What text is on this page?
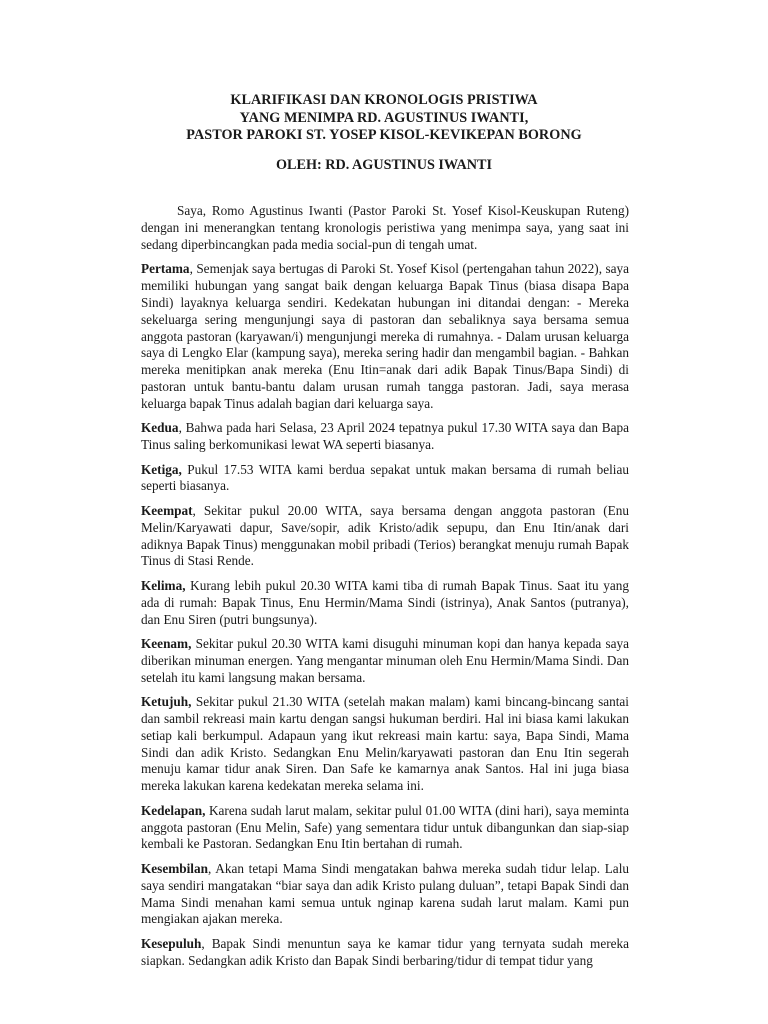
KLARIFIKASI DAN KRONOLOGIS PRISTIWA

YANG MENIMPA RD. AGUSTINUS IWANTI,

PASTOR PAROKI ST. YOSEP KISOL-KEVIKEPAN BORONG

OLEH: RD. AGUSTINUS IWANTI

Saya, Romo Agustinus Iwanti (Pastor Paroki St. Yosef Kisol-Keuskupan Ruteng) dengan ini menerangkan tentang kronologis peristiwa yang menimpa saya, yang saat ini sedang diperbincangkan pada media social-pun di tengah umat.

Pertama, Semenjak saya bertugas di Paroki St. Yosef Kisol (pertengahan tahun 2022), saya memiliki hubungan yang sangat baik dengan keluarga Bapak Tinus (biasa disapa Bapa Sindi) layaknya keluarga sendiri. Kedekatan hubungan ini ditandai dengan: - Mereka sekeluarga sering mengunjungi saya di pastoran dan sebaliknya saya bersama semua anggota pastoran (karyawan/i) mengunjungi mereka di rumahnya. - Dalam urusan keluarga saya di Lengko Elar (kampung saya), mereka sering hadir dan mengambil bagian. - Bahkan mereka menitipkan anak mereka (Enu Itin=anak dari adik Bapak Tinus/Bapa Sindi) di pastoran untuk bantu-bantu dalam urusan rumah tangga pastoran. Jadi, saya merasa keluarga bapak Tinus adalah bagian dari keluarga saya.

Kedua, Bahwa pada hari Selasa, 23 April 2024 tepatnya pukul 17.30 WITA saya dan Bapa Tinus saling berkomunikasi lewat WA seperti biasanya.

Ketiga, Pukul 17.53 WITA kami berdua sepakat untuk makan bersama di rumah beliau seperti biasanya.

Keempat, Sekitar pukul 20.00 WITA, saya bersama dengan anggota pastoran (Enu Melin/Karyawati dapur, Save/sopir, adik Kristo/adik sepupu, dan Enu Itin/anak dari adiknya Bapak Tinus) menggunakan mobil pribadi (Terios) berangkat menuju rumah Bapak Tinus di Stasi Rende.

Kelima, Kurang lebih pukul 20.30 WITA kami tiba di rumah Bapak Tinus. Saat itu yang ada di rumah: Bapak Tinus, Enu Hermin/Mama Sindi (istrinya), Anak Santos (putranya), dan Enu Siren (putri bungsunya).

Keenam, Sekitar pukul 20.30 WITA kami disuguhi minuman kopi dan hanya kepada saya diberikan minuman energen. Yang mengantar minuman oleh Enu Hermin/Mama Sindi. Dan setelah itu kami langsung makan bersama.

Ketujuh, Sekitar pukul 21.30 WITA (setelah makan malam) kami bincang-bincang santai dan sambil rekreasi main kartu dengan sangsi hukuman berdiri. Hal ini biasa kami lakukan setiap kali berkumpul. Adapaun yang ikut rekreasi main kartu: saya, Bapa Sindi, Mama Sindi dan adik Kristo. Sedangkan Enu Melin/karyawati pastoran dan Enu Itin segerah menuju kamar tidur anak Siren. Dan Safe ke kamarnya anak Santos. Hal ini juga biasa mereka lakukan karena kedekatan mereka selama ini.

Kedelapan, Karena sudah larut malam, sekitar pulul 01.00 WITA (dini hari), saya meminta anggota pastoran (Enu Melin, Safe) yang sementara tidur untuk dibangunkan dan siap-siap kembali ke Pastoran. Sedangkan Enu Itin bertahan di rumah.

Kesembilan, Akan tetapi Mama Sindi mengatakan bahwa mereka sudah tidur lelap. Lalu saya sendiri mangatakan “biar saya dan adik Kristo pulang duluan”, tetapi Bapak Sindi dan Mama Sindi menahan kami semua untuk nginap karena sudah larut malam. Kami pun mengiakan ajakan mereka.

Kesepuluh, Bapak Sindi menuntun saya ke kamar tidur yang ternyata sudah mereka siapkan. Sedangkan adik Kristo dan Bapak Sindi berbaring/tidur di tempat tidur yang
